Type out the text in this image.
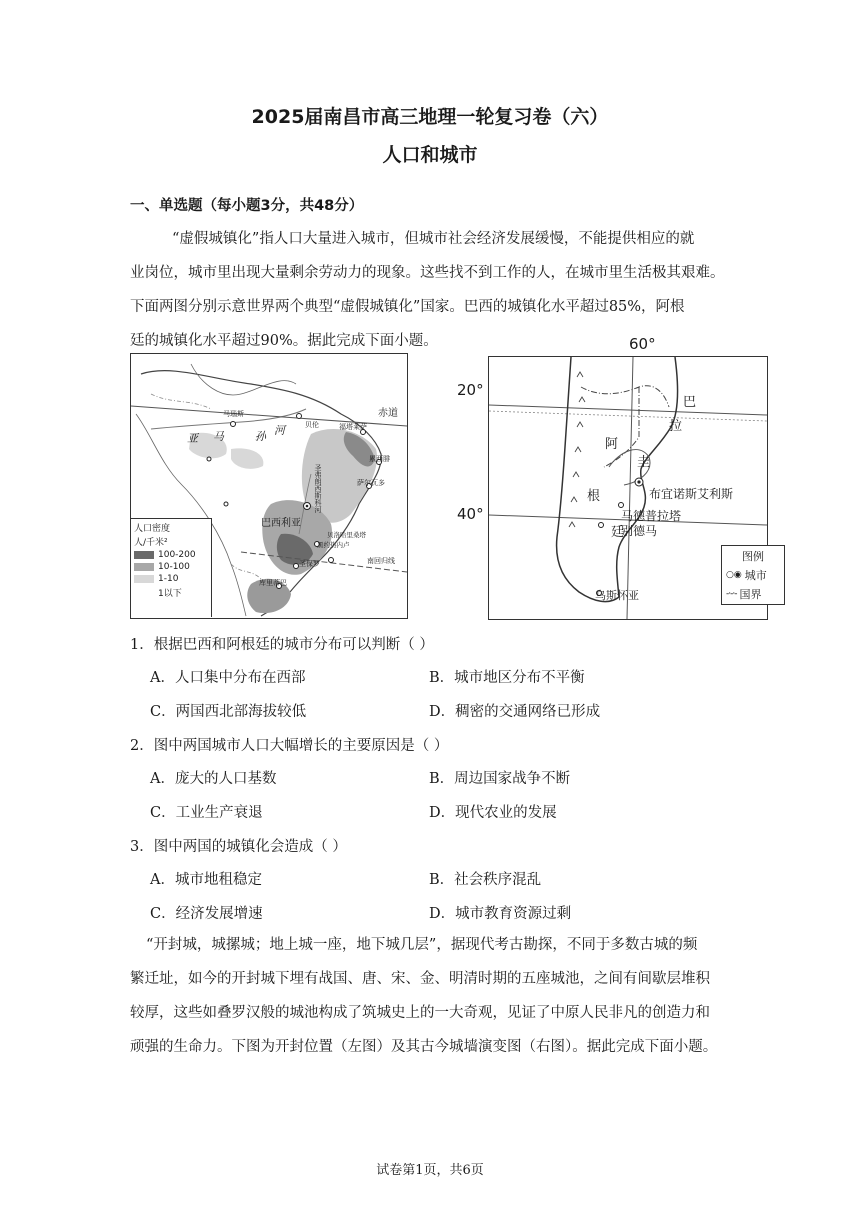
2025届南昌市高三地理一轮复习卷（六）
人口和城市
一、单选题（每小题3分，共48分）

“虚假城镇化”指人口大量进入城市，但城市社会经济发展缓慢，不能提供相应的就
业岗位，城市里出现大量剩余劳动力的现象。这些找不到工作的人，在城市里生活极其艰难。
下面两图分别示意世界两个典型“虚假城镇化”国家。巴西的城镇化水平超过85%，阿根
廷的城镇化水平超过90%。据此完成下面小题。

马瑙斯
亚 马	孙 河	贝伦	福塔莱萨
累西腓
萨尔瓦多
巴西利亚
圣弗朗西斯科河
贝洛哈里桑塔
黑约热内卢
圣保罗
库里蒂巴
赤道
南回归线
人口密度
人/千米²
100-200
10-100
1-10
1以下
60°
20°
40°
巴
拉
阿
圭
根
廷
布宜诺斯艾利斯
马德普拉塔
别德马
乌斯怀亚
图例
○◉ 城市
-·-·- 国界
1．根据巴西和阿根廷的城市分布可以判断（ ）
A．人口集中分布在西部	B．城市地区分布不平衡
C．两国西北部海拔较低	D．稠密的交通网络已形成
2．图中两国城市人口大幅增长的主要原因是（ ）
A．庞大的人口基数	B．周边国家战争不断
C．工业生产衰退	D．现代农业的发展
3．图中两国的城镇化会造成（ ）
A．城市地租稳定	B．社会秩序混乱
C．经济发展增速	D．城市教育资源过剩

“开封城，城摞城；地上城一座，地下城几层”，据现代考古勘探，不同于多数古城的频
繁迁址，如今的开封城下埋有战国、唐、宋、金、明清时期的五座城池，之间有间歇层堆积
较厚，这些如叠罗汉般的城池构成了筑城史上的一大奇观，见证了中原人民非凡的创造力和
顽强的生命力。下图为开封位置（左图）及其古今城墙演变图（右图）。据此完成下面小题。

试卷第1页，共6页
